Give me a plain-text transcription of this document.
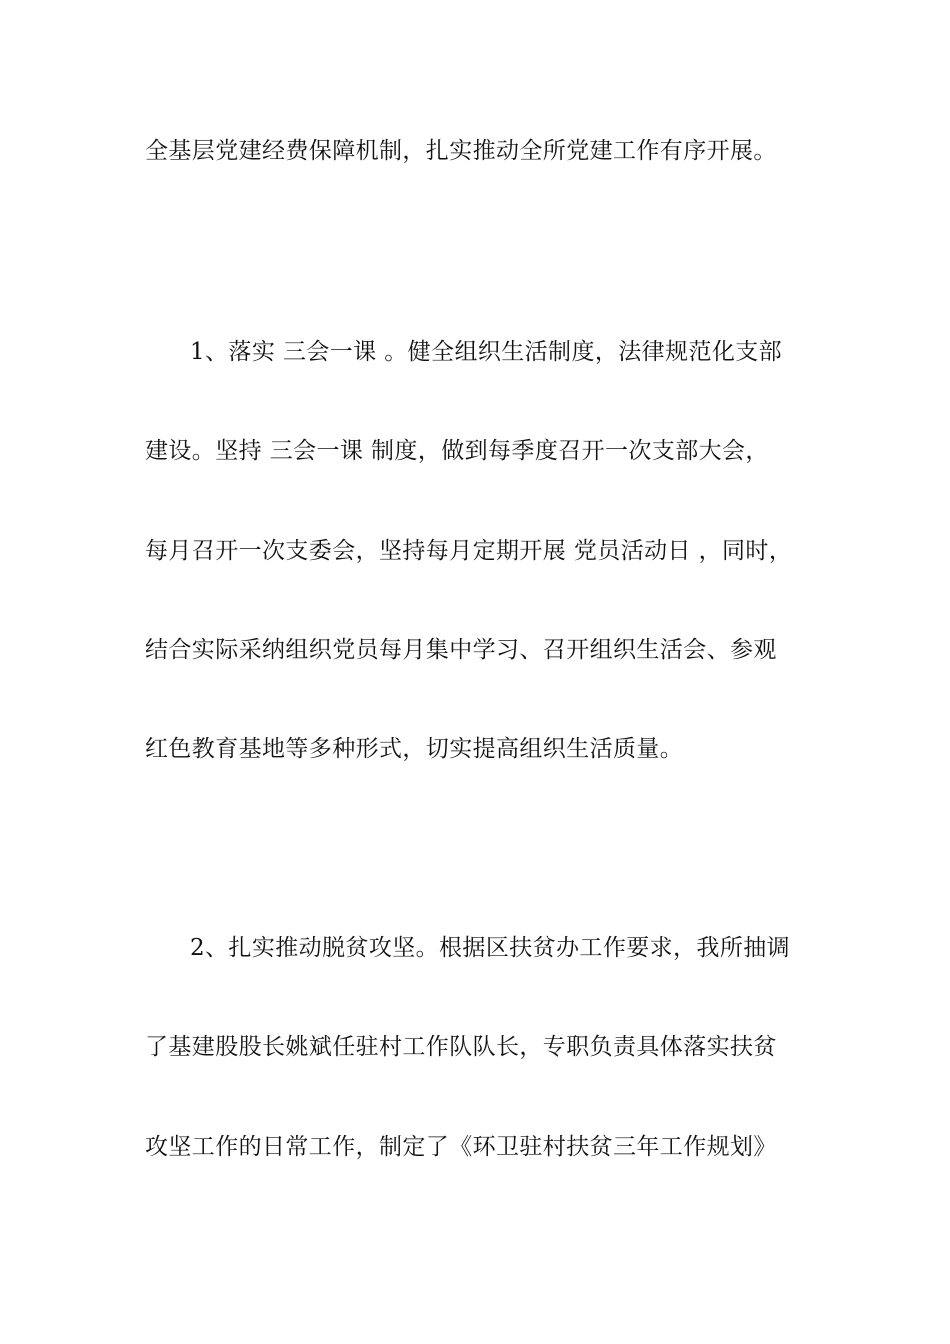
全基层党建经费保障机制，扎实推动全所党建工作有序开展。
1、落实 三会一课 。健全组织生活制度，法律规范化支部
建设。坚持 三会一课 制度，做到每季度召开一次支部大会，
每月召开一次支委会，坚持每月定期开展 党员活动日 ，同时，
结合实际采纳组织党员每月集中学习、召开组织生活会、参观
红色教育基地等多种形式，切实提高组织生活质量。
2、扎实推动脱贫攻坚。根据区扶贫办工作要求，我所抽调
了基建股股长姚斌任驻村工作队队长，专职负责具体落实扶贫
攻坚工作的日常工作，制定了《环卫驻村扶贫三年工作规划》
